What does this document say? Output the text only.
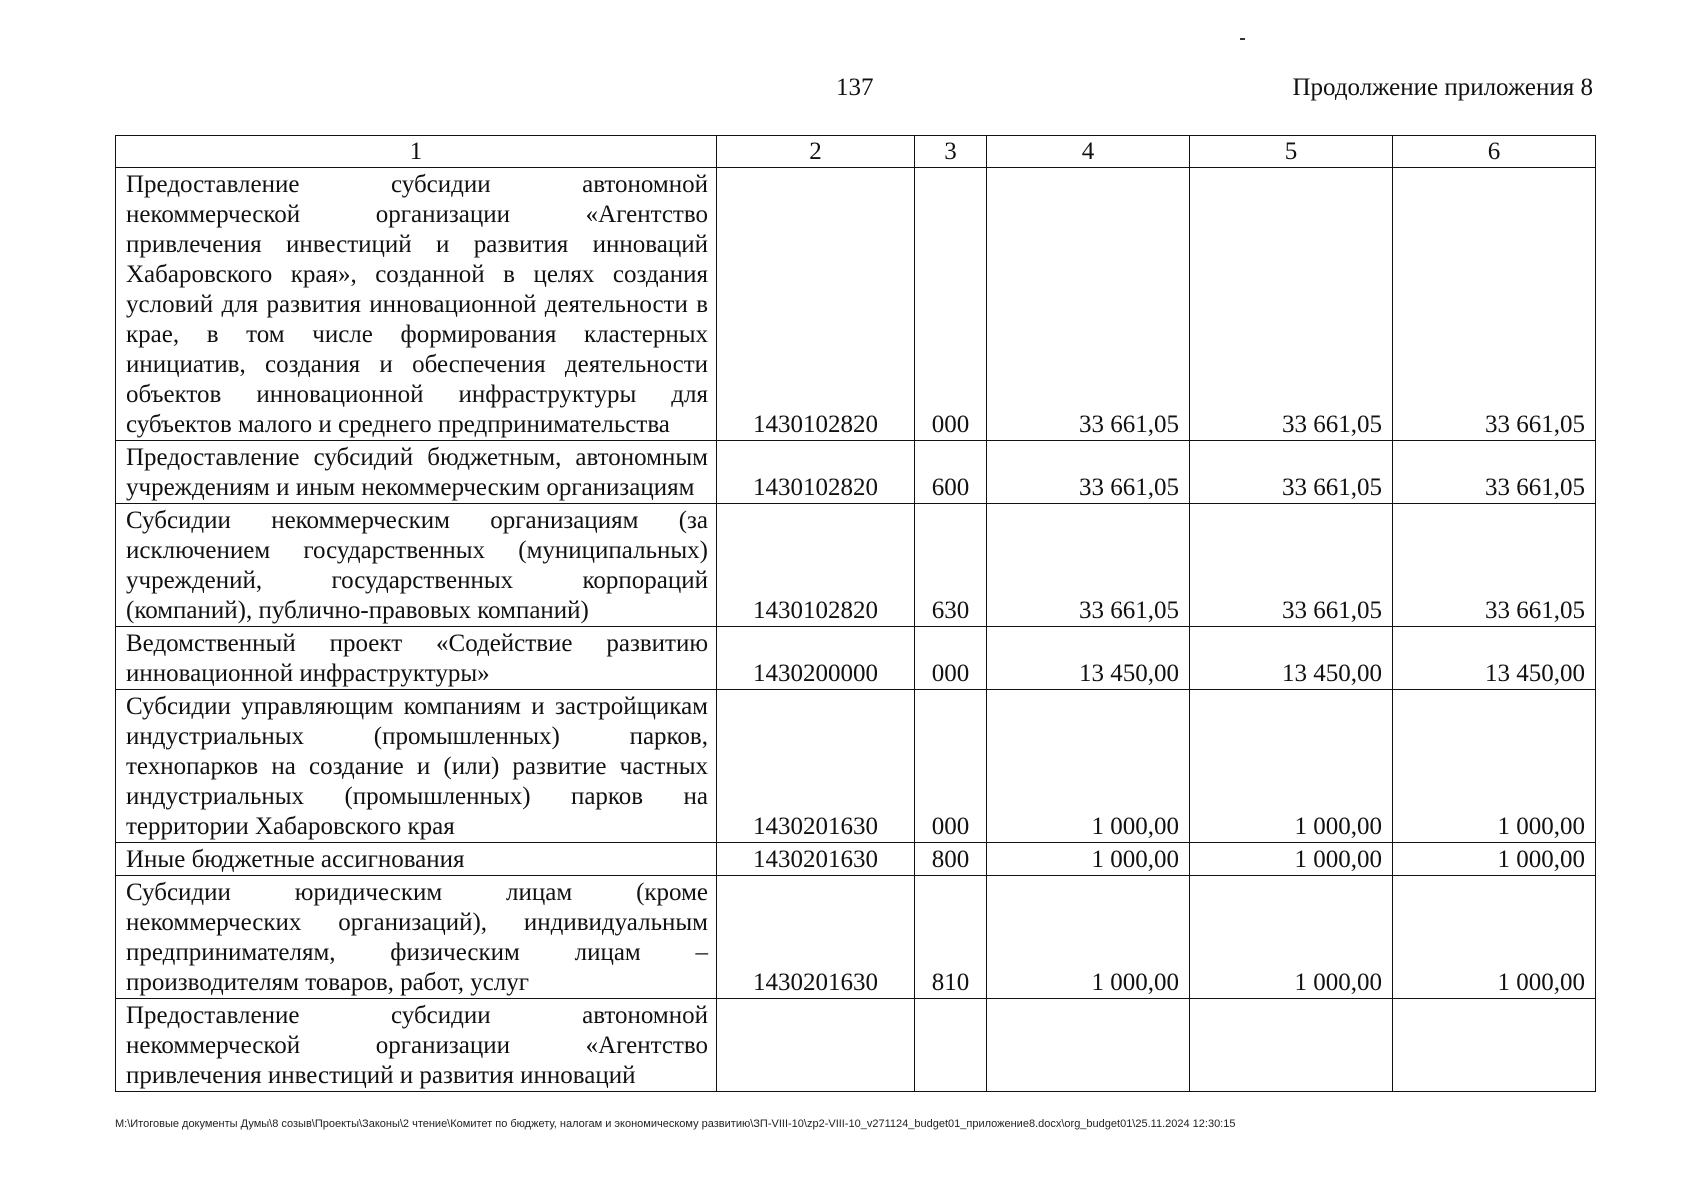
137	Продолжение приложения 8
1	2	3	4	5	6
Предоставление субсидии автономной некоммерческой организации «Агентство привлечения инвестиций и развития инноваций Хабаровского края», созданной в целях создания условий для развития инновационной деятельности в крае, в том числе формирования кластерных инициатив, создания и обеспечения деятельности объектов инновационной инфраструктуры для субъектов малого и среднего предпринимательства	1430102820	000	33 661,05	33 661,05	33 661,05
Предоставление субсидий бюджетным, автономным учреждениям и иным некоммерческим организациям	1430102820	600	33 661,05	33 661,05	33 661,05
Субсидии некоммерческим организациям (за исключением государственных (муниципальных) учреждений, государственных корпораций (компаний), публично-правовых компаний)	1430102820	630	33 661,05	33 661,05	33 661,05
Ведомственный проект «Содействие развитию инновационной инфраструктуры»	1430200000	000	13 450,00	13 450,00	13 450,00
Субсидии управляющим компаниям и застройщикам индустриальных (промышленных) парков, технопарков на создание и (или) развитие частных индустриальных (промышленных) парков на территории Хабаровского края	1430201630	000	1 000,00	1 000,00	1 000,00
Иные бюджетные ассигнования	1430201630	800	1 000,00	1 000,00	1 000,00
Субсидии юридическим лицам (кроме некоммерческих организаций), индивидуальным предпринимателям, физическим лицам – производителям товаров, работ, услуг	1430201630	810	1 000,00	1 000,00	1 000,00
Предоставление субсидии автономной некоммерческой организации «Агентство привлечения инвестиций и развития инноваций					
M:\Итоговые документы Думы\8 созыв\Проекты\Законы\2 чтение\Комитет по бюджету, налогам и экономическому развитию\ЗП-VIII-10\zp2-VIII-10_v271124_budget01_приложение8.docx\org_budget01\25.11.2024 12:30:15
